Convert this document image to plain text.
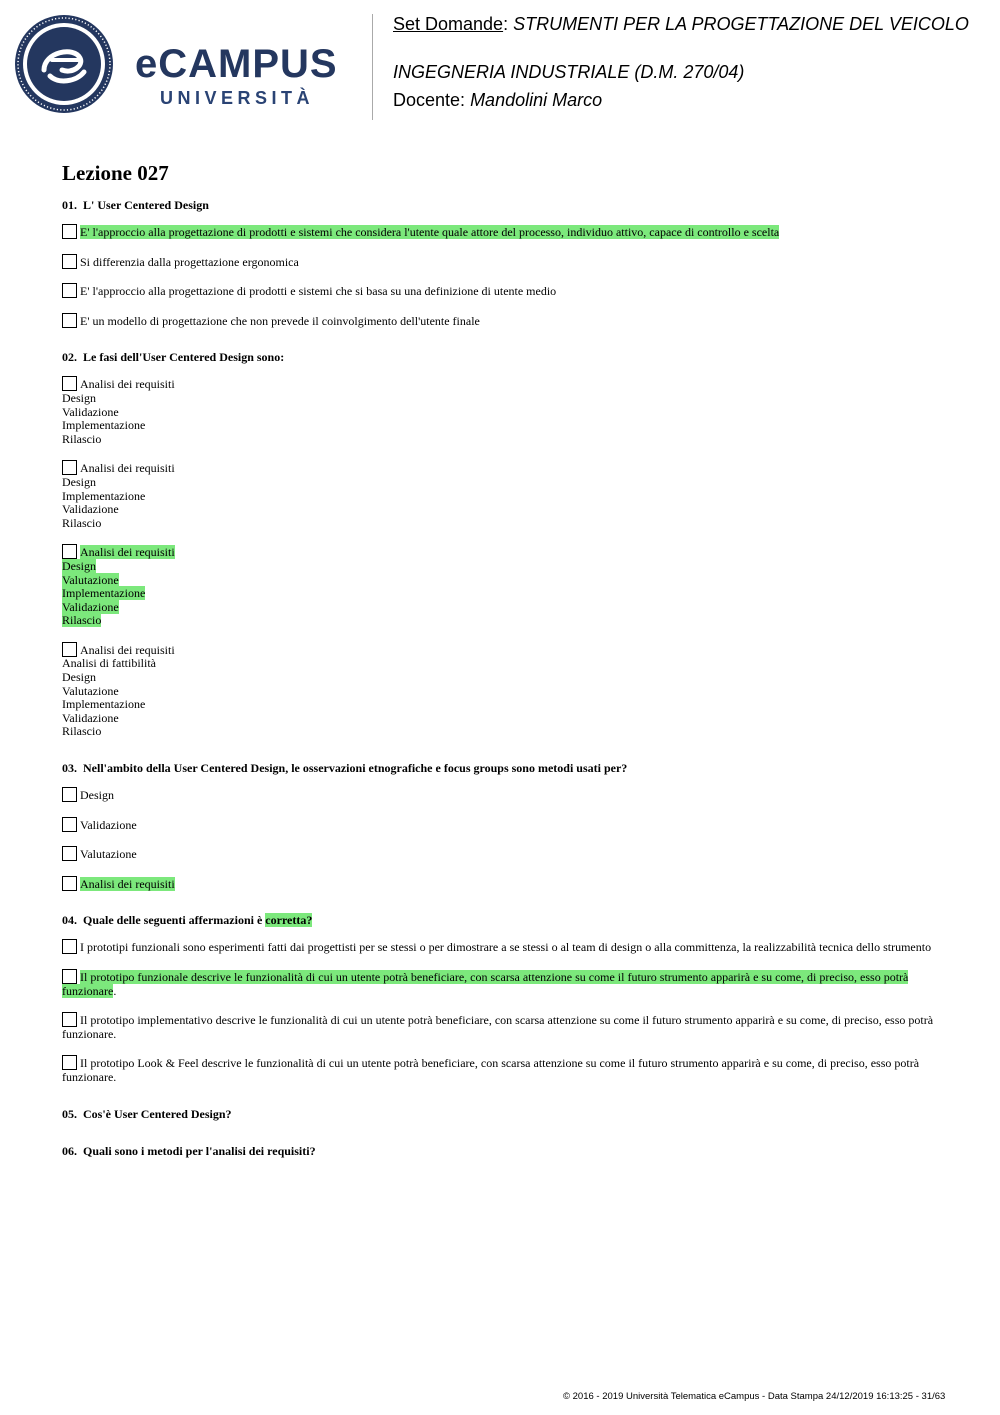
eCAMPUS
UNIVERSITÀ
Set Domande: STRUMENTI PER LA PROGETTAZIONE DEL VEICOLO
INGEGNERIA INDUSTRIALE (D.M. 270/04)
Docente: Mandolini Marco
Lezione 027
01. L' User Centered Design
E' l'approccio alla progettazione di prodotti e sistemi che considera l'utente quale attore del processo, individuo attivo, capace di controllo e scelta
Si differenzia dalla progettazione ergonomica
E' l'approccio alla progettazione di prodotti e sistemi che si basa su una definizione di utente medio
E' un modello di progettazione che non prevede il coinvolgimento dell'utente finale
02. Le fasi dell'User Centered Design sono:
Analisi dei requisiti
Design
Validazione
Implementazione
Rilascio
Analisi dei requisiti
Design
Implementazione
Validazione
Rilascio
Analisi dei requisiti
Design
Valutazione
Implementazione
Validazione
Rilascio
Analisi dei requisiti
Analisi di fattibilità
Design
Valutazione
Implementazione
Validazione
Rilascio
03. Nell'ambito della User Centered Design, le osservazioni etnografiche e focus groups sono metodi usati per?
Design
Validazione
Valutazione
Analisi dei requisiti
04. Quale delle seguenti affermazioni è corretta?
I prototipi funzionali sono esperimenti fatti dai progettisti per se stessi o per dimostrare a se stessi o al team di design o alla committenza, la realizzabilità tecnica dello strumento
Il prototipo funzionale descrive le funzionalità di cui un utente potrà beneficiare, con scarsa attenzione su come il futuro strumento apparirà e su come, di preciso, esso potrà funzionare.
Il prototipo implementativo descrive le funzionalità di cui un utente potrà beneficiare, con scarsa attenzione su come il futuro strumento apparirà e su come, di preciso, esso potrà funzionare.
Il prototipo Look & Feel descrive le funzionalità di cui un utente potrà beneficiare, con scarsa attenzione su come il futuro strumento apparirà e su come, di preciso, esso potrà funzionare.
05. Cos'è User Centered Design?
06. Quali sono i metodi per l'analisi dei requisiti?
© 2016 - 2019 Università Telematica eCampus - Data Stampa 24/12/2019 16:13:25 - 31/63
